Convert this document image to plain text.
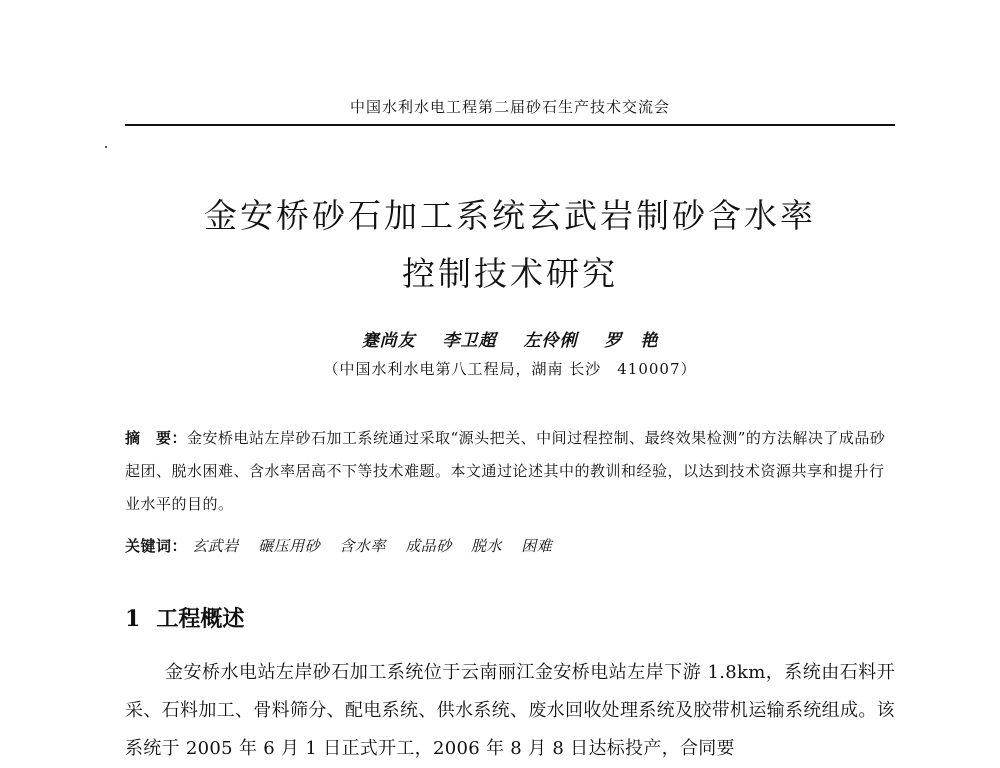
中国水利水电工程第二届砂石生产技术交流会
金安桥砂石加工系统玄武岩制砂含水率
控制技术研究
蹇尚友 李卫超 左伶俐 罗　艳
（中国水利水电第八工程局，湖南 长沙　410007）
摘　要：金安桥电站左岸砂石加工系统通过采取“源头把关、中间过程控制、最终效果检测”的方法解决了成品砂起团、脱水困难、含水率居高不下等技术难题。本文通过论述其中的教训和经验，以达到技术资源共享和提升行业水平的目的。
关键词： 玄武岩 碾压用砂 含水率 成品砂 脱水 困难
1 工程概述
金安桥水电站左岸砂石加工系统位于云南丽江金安桥电站左岸下游 1.8km，系统由石料开采、石料加工、骨料筛分、配电系统、供水系统、废水回收处理系统及胶带机运输系统组成。该系统于 2005 年 6 月 1 日正式开工，2006 年 8 月 8 日达标投产，合同要
